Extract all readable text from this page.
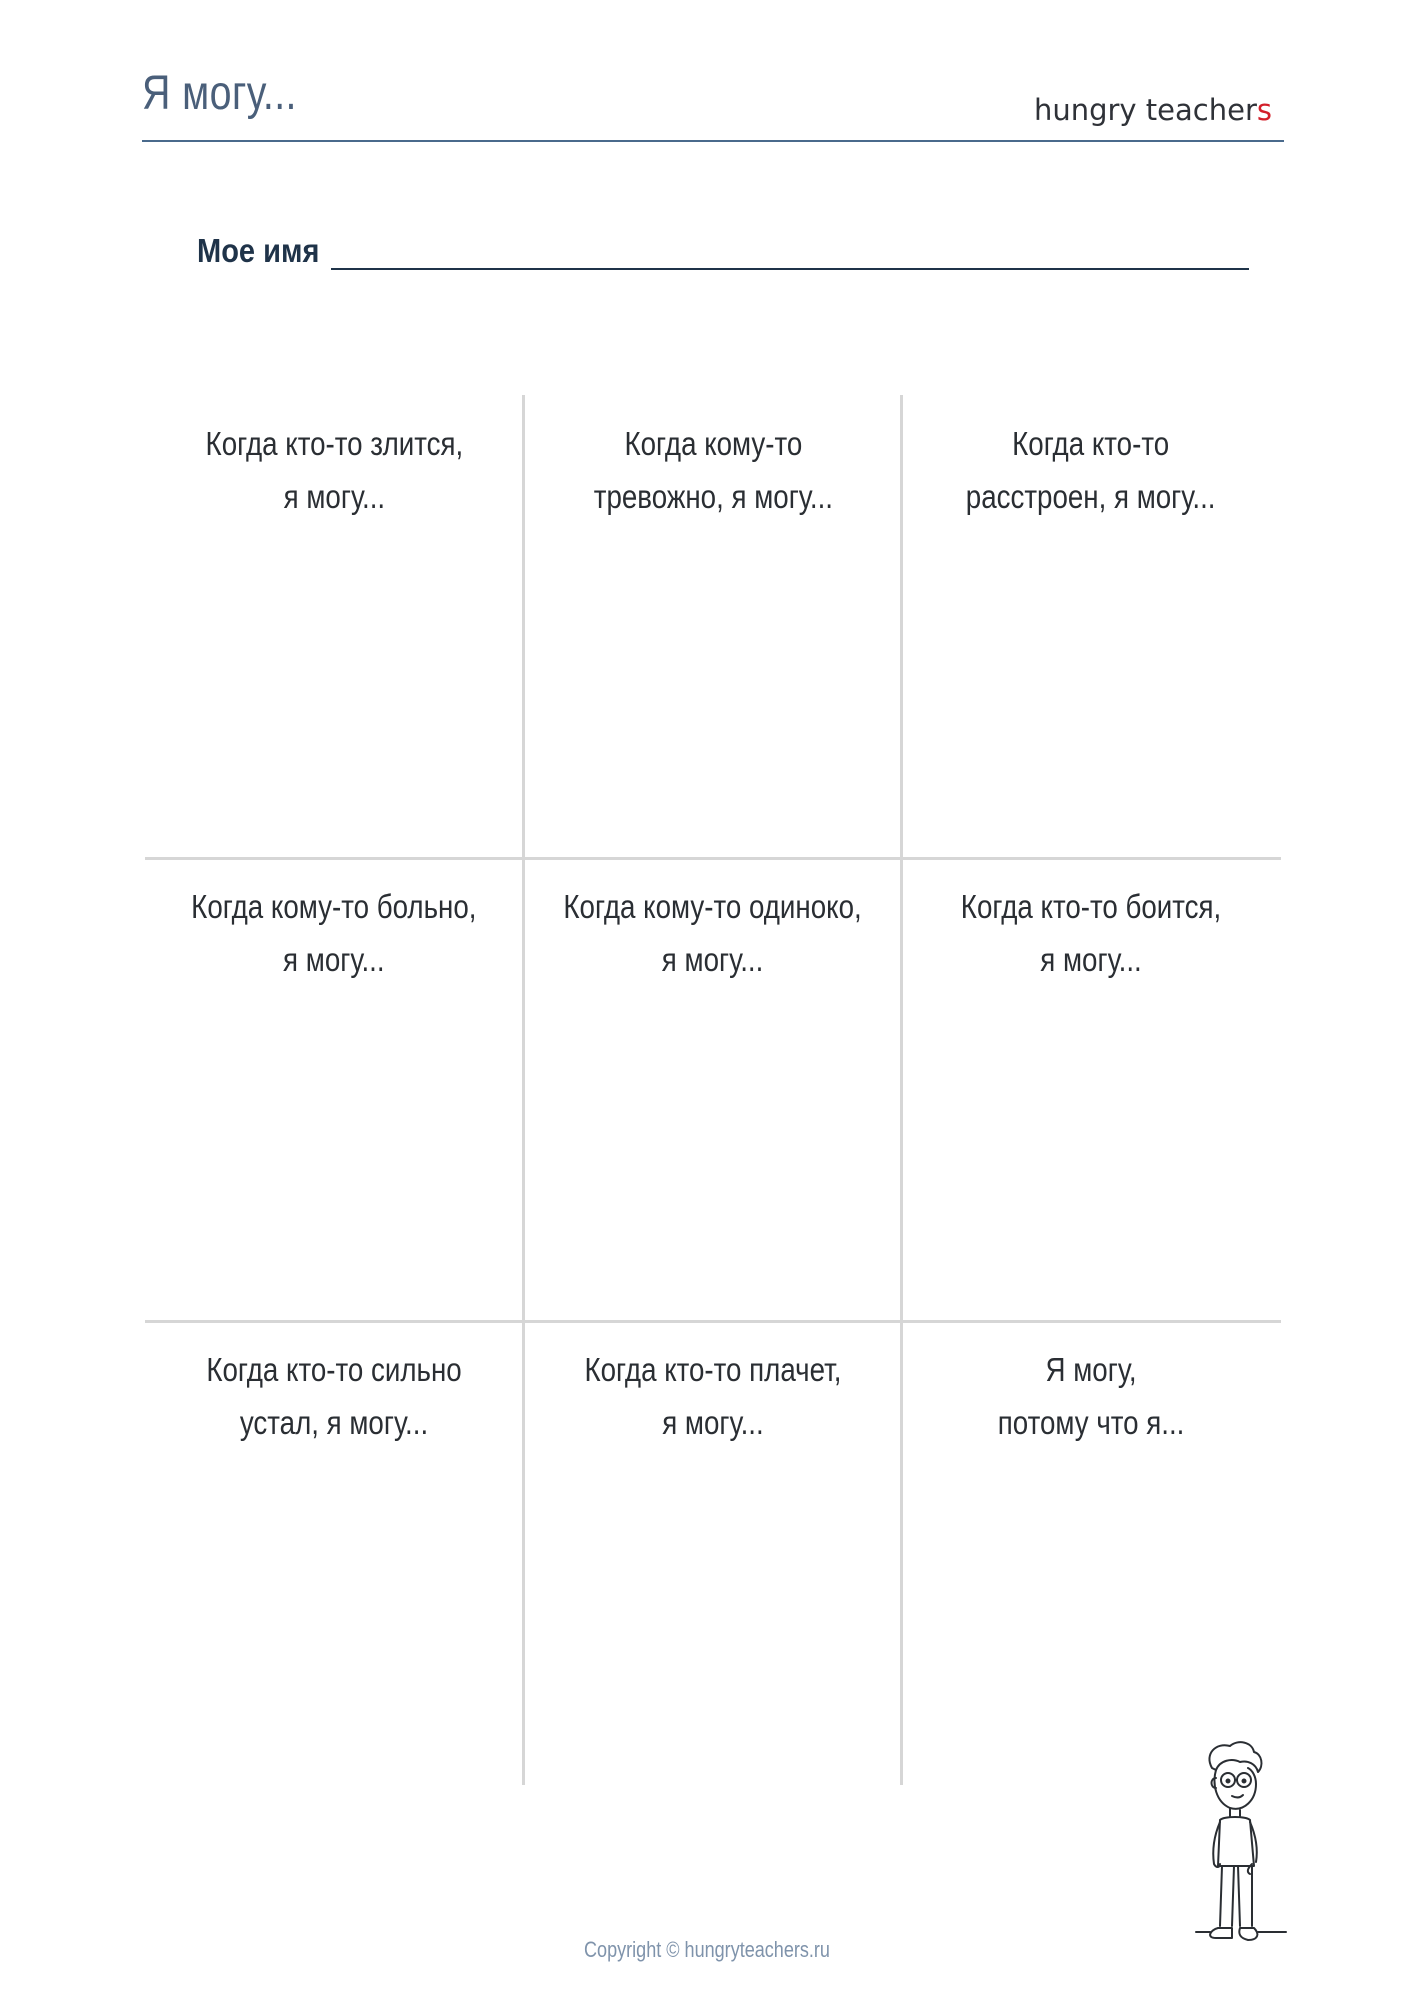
Я могу...	hungry teachers
Мое имя
Когда кто-то злится,
я могу...
Когда кому-то
тревожно, я могу...
Когда кто-то
расстроен, я могу...
Когда кому-то больно,
я могу...
Когда кому-то одиноко,
я могу...
Когда кто-то боится,
я могу...
Когда кто-то сильно
устал, я могу...
Когда кто-то плачет,
я могу...
Я могу,
потому что я...
Copyright © hungryteachers.ru
